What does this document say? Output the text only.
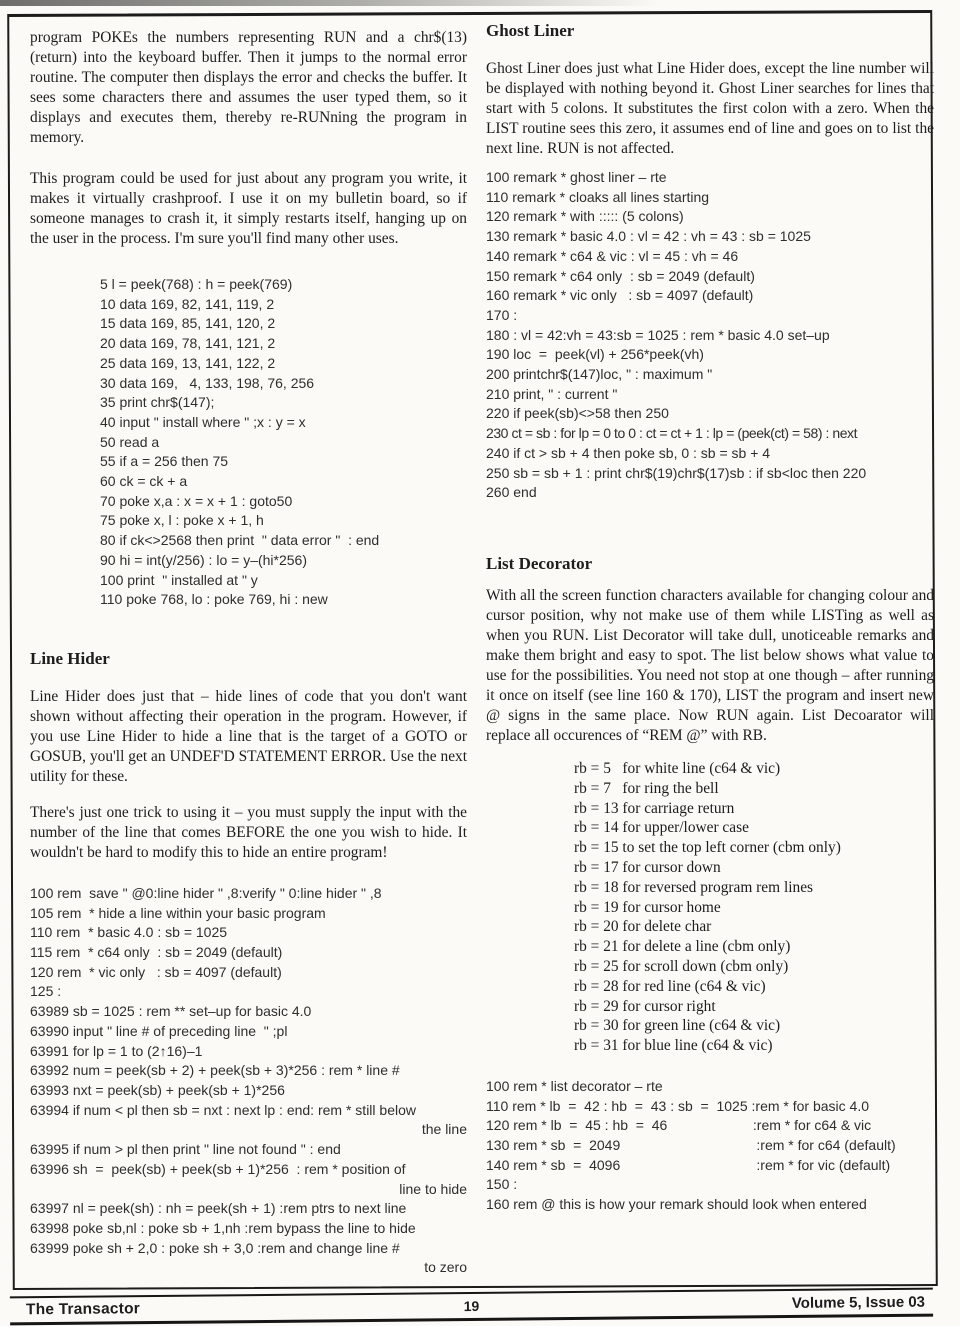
program POKEs the numbers representing RUN and a chr$(13) (return) into the keyboard buffer. Then it jumps to the normal error routine. The computer then displays the error and checks the buffer. It sees some characters there and assumes the user typed them, so it displays and executes them, thereby re-RUNning the program in memory.

This program could be used for just about any program you write, it makes it virtually crashproof. I use it on my bulletin board, so if someone manages to crash it, it simply restarts itself, hanging up on the user in the process. I'm sure you'll find many other uses.

5 l = peek(768) : h = peek(769)
10 data 169, 82, 141, 119, 2
15 data 169, 85, 141, 120, 2
20 data 169, 78, 141, 121, 2
25 data 169, 13, 141, 122, 2
30 data 169,   4, 133, 198, 76, 256
35 print chr$(147);
40 input " install where " ;x : y = x
50 read a
55 if a = 256 then 75
60 ck = ck + a
70 poke x,a : x = x + 1 : goto50
75 poke x, l : poke x + 1, h
80 if ck<>2568 then print  " data error "  : end
90 hi = int(y/256) : lo = y–(hi*256)
100 print  " installed at " y
110 poke 768, lo : poke 769, hi : new
Line Hider

Line Hider does just that – hide lines of code that you don't want shown without affecting their operation in the program. However, if you use Line Hider to hide a line that is the target of a GOTO or GOSUB, you'll get an UNDEF'D STATEMENT ERROR. Use the next utility for these.

There's just one trick to using it – you must supply the input with the number of the line that comes BEFORE the one you wish to hide. It wouldn't be hard to modify this to hide an entire program!

100 rem  save " @0:line hider " ,8:verify " 0:line hider " ,8
105 rem  * hide a line within your basic program
110 rem  * basic 4.0 : sb = 1025
115 rem  * c64 only  : sb = 2049 (default)
120 rem  * vic only   : sb = 4097 (default)
125 :
63989 sb = 1025 : rem ** set–up for basic 4.0
63990 input " line # of preceding line  " ;pl
63991 for lp = 1 to (2↑16)–1
63992 num = peek(sb + 2) + peek(sb + 3)*256 : rem * line #
63993 nxt = peek(sb) + peek(sb + 1)*256
63994 if num < pl then sb = nxt : next lp : end: rem * still below
the line
63995 if num > pl then print " line not found " : end
63996 sh  =  peek(sb) + peek(sb + 1)*256  : rem * position of
line to hide
63997 nl = peek(sh) : nh = peek(sh + 1) :rem ptrs to next line
63998 poke sb,nl : poke sb + 1,nh :rem bypass the line to hide
63999 poke sh + 2,0 : poke sh + 3,0 :rem and change line #
to zero
Ghost Liner

Ghost Liner does just what Line Hider does, except the line number will be displayed with nothing beyond it. Ghost Liner searches for lines that start with 5 colons. It substitutes the first colon with a zero. When the LIST routine sees this zero, it assumes end of line and goes on to list the next line. RUN is not affected.

100 remark * ghost liner – rte
110 remark * cloaks all lines starting
120 remark * with ::::: (5 colons)
130 remark * basic 4.0 : vl = 42 : vh = 43 : sb = 1025
140 remark * c64 & vic : vl = 45 : vh = 46
150 remark * c64 only  : sb = 2049 (default)
160 remark * vic only   : sb = 4097 (default)
170 :
180 : vl = 42:vh = 43:sb = 1025 : rem * basic 4.0 set–up
190 loc  =  peek(vl) + 256*peek(vh)
200 printchr$(147)loc, " : maximum "
210 print, " : current "
220 if peek(sb)<>58 then 250
230 ct = sb : for lp = 0 to 0 : ct = ct + 1 : lp = (peek(ct) = 58) : next
240 if ct > sb + 4 then poke sb, 0 : sb = sb + 4
250 sb = sb + 1 : print chr$(19)chr$(17)sb : if sb<loc then 220
260 end
List Decorator

With all the screen function characters available for changing colour and cursor position, why not make use of them while LISTing as well as when you RUN. List Decorator will take dull, unoticeable remarks and make them bright and easy to spot. The list below shows what value to use for the possibilities. You need not stop at one though – after running it once on itself (see line 160 & 170), LIST the program and insert new @ signs in the same place. Now RUN again. List Decoarator will replace all occurences of “REM @” with RB.

rb = 5   for white line (c64 & vic)
rb = 7   for ring the bell
rb = 13 for carriage return
rb = 14 for upper/lower case
rb = 15 to set the top left corner (cbm only)
rb = 17 for cursor down
rb = 18 for reversed program rem lines
rb = 19 for cursor home
rb = 20 for delete char
rb = 21 for delete a line (cbm only)
rb = 25 for scroll down (cbm only)
rb = 28 for red line (c64 & vic)
rb = 29 for cursor right
rb = 30 for green line (c64 & vic)
rb = 31 for blue line (c64 & vic)
100 rem * list decorator – rte
110 rem * lb  =  42 : hb  =  43 : sb  =  1025 :rem * for basic 4.0
120 rem * lb  =  45 : hb  =  46                      :rem * for c64 & vic
130 rem * sb  =  2049                                   :rem * for c64 (default)
140 rem * sb  =  4096                                   :rem * for vic (default)
150 :
160 rem @ this is how your remark should look when entered
The Transactor	19	Volume 5, Issue 03
